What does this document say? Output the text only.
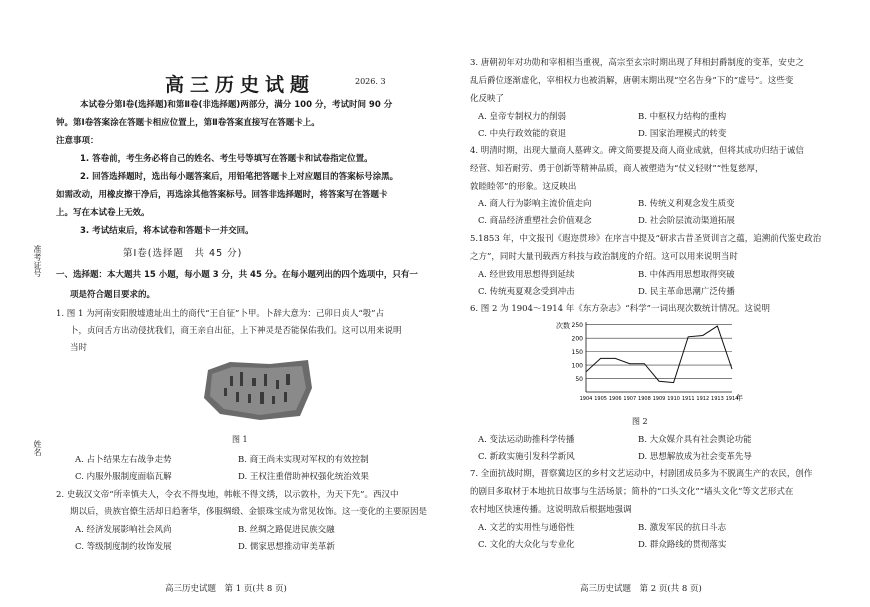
准考证号
姓名
高三历史试题	2026. 3

本试卷分第Ⅰ卷(选择题)和第Ⅱ卷(非选择题)两部分，满分 100 分，考试时间 90 分

钟。第Ⅰ卷答案涂在答题卡相应位置上，第Ⅱ卷答案直接写在答题卡上。

注意事项：

1. 答卷前，考生务必将自己的姓名、考生号等填写在答题卡和试卷指定位置。

2. 回答选择题时，选出每小题答案后，用铅笔把答题卡上对应题目的答案标号涂黑。

如需改动，用橡皮擦干净后，再选涂其他答案标号。回答非选择题时，将答案写在答题卡

上。写在本试卷上无效。

3. 考试结束后，将本试卷和答题卡一并交回。

第Ⅰ卷(选择题　共 45 分)

一、选择题：本大题共 15 小题，每小题 3 分，共 45 分。在每小题列出的四个选项中，只有一

项是符合题目要求的。

1. 图 1 为河南安阳殷墟遗址出土的商代“王自征”卜甲。卜辞大意为：己卯日贞人“彀”占

卜，贞问舌方出动侵扰我们，商王亲自出征，上下神灵是否能保佑我们。这可以用来说明

当时

图 1
A. 占卜结果左右战争走势	B. 商王尚未实现对军权的有效控制
C. 内服外服制度面临瓦解	D. 王权注重借助神权强化统治效果

2. 史载汉文帝“所幸慎夫人，令衣不得曳地，帏帐不得文绣，以示敦朴，为天下先”。西汉中

期以后，贵族官僚生活却日趋奢华，侈服绸缎、金银珠宝成为常见妆饰。这一变化的主要原因是

A. 经济发展影响社会风尚	B. 丝绸之路促进民族交融
C. 等级制度制约妆饰发展	D. 儒家思想推动审美革新
高三历史试题　第 1 页(共 8 页)

3. 唐朝初年对功勋和宰相相当重视，高宗至玄宗时期出现了拜相封爵制度的变革，安史之

乱后爵位逐渐虚化，宰相权力也被消解，唐朝末期出现“空名告身”下的“虚号”。这些变

化反映了

A. 皇帝专制权力的削弱	B. 中枢权力结构的重构
C. 中央行政效能的衰退	D. 国家治理模式的转变

4. 明清时期，出现大量商人墓碑文。碑文简要提及商人商业成就，但将其成功归结于诚信

经营、知若耐劳、勇于创新等精神品质，商人被塑造为“仗义轻财”“性复慈厚，

敦睦睦邻”的形象。这反映出

A. 商人行为影响主流价值走向	B. 传统义利观念发生质变
C. 商品经济重塑社会价值观念	D. 社会阶层流动渠道拓展

5.1853 年，中文报刊《遐迩贯珍》在序言中提及“研求古昔圣贤训言之蕴，追溯前代鉴史政治

之方”，同时大量刊载西方科技与政治制度的介绍。这可以用来说明当时

A. 经世致用思想得到延续	B. 中体西用思想取得突破
C. 传统夷夏观念受到冲击	D. 民主革命思潮广泛传播

6. 图 2 为 1904～1914 年《东方杂志》“科学”一词出现次数统计情况。这说明

50
100
150
200
250
1904 1905 1906 1907 1908 1909 1910 1911 1912 1913 1914
次数
年
图 2
A. 变法运动助推科学传播	B. 大众媒介具有社会舆论功能
C. 新政实施引发科学新风	D. 思想解放成为社会变革先导

7. 全面抗战时期，晋察冀边区的乡村文艺运动中，村剧团成员多为不脱离生产的农民，创作

的剧目多取材于本地抗日故事与生活场景；简朴的“口头文化”“墙头文化”等文艺形式在

农村地区快速传播。这说明敌后根据地强调

A. 文艺的实用性与通俗性	B. 激发军民的抗日斗志
C. 文化的大众化与专业化	D. 群众路线的贯彻落实
高三历史试题　第 2 页(共 8 页)
